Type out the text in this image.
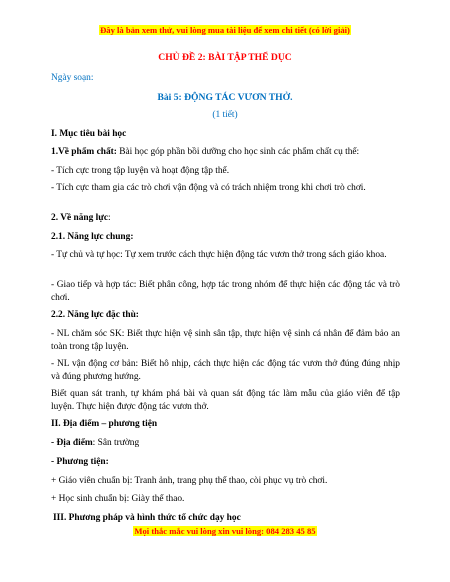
Đây là bản xem thử, vui lòng mua tài liệu để xem chi tiết (có lời giải)
CHỦ ĐỀ 2: BÀI TẬP THỂ DỤC
Ngày soạn:
Bài 5: ĐỘNG TÁC VƯƠN THỞ.
(1 tiết)
I. Mục tiêu bài học
1.Về phẩm chất: Bài học góp phần bồi dưỡng cho học sinh các phẩm chất cụ thể:
- Tích cực trong tập luyện và hoạt động tập thể.
- Tích cực tham gia các trò chơi vận động và có trách nhiệm trong khi chơi trò chơi.
2. Về năng lực:
2.1. Năng lực chung:
- Tự chủ và tự học: Tự xem trước cách thực hiện động tác vươn thở trong sách giáo khoa.
- Giao tiếp và hợp tác: Biết phân công, hợp tác trong nhóm để thực hiện các động tác và trò chơi.
2.2. Năng lực đặc thù:
- NL chăm sóc SK: Biết thực hiện vệ sinh sân tập, thực hiện vệ sinh cá nhân để đảm bảo an toàn trong tập luyện.
- NL vận động cơ bản: Biết hô nhịp, cách thực hiện các động tác vươn thở đúng đúng nhịp và đúng phương hướng.
Biết quan sát tranh, tự khám phá bài và quan sát động tác làm mẫu của giáo viên để tập luyện. Thực hiện được động tác vươn thở.
II. Địa điểm – phương tiện
- Địa điểm: Sân trường
- Phương tiện:
+ Giáo viên chuẩn bị: Tranh ảnh, trang phụ thể thao, còi phục vụ trò chơi.
+ Học sinh chuẩn bị: Giày thể thao.
III. Phương pháp và hình thức tổ chức dạy học
Mọi thắc mắc vui lòng xin vui lòng: 084 283 45 85
